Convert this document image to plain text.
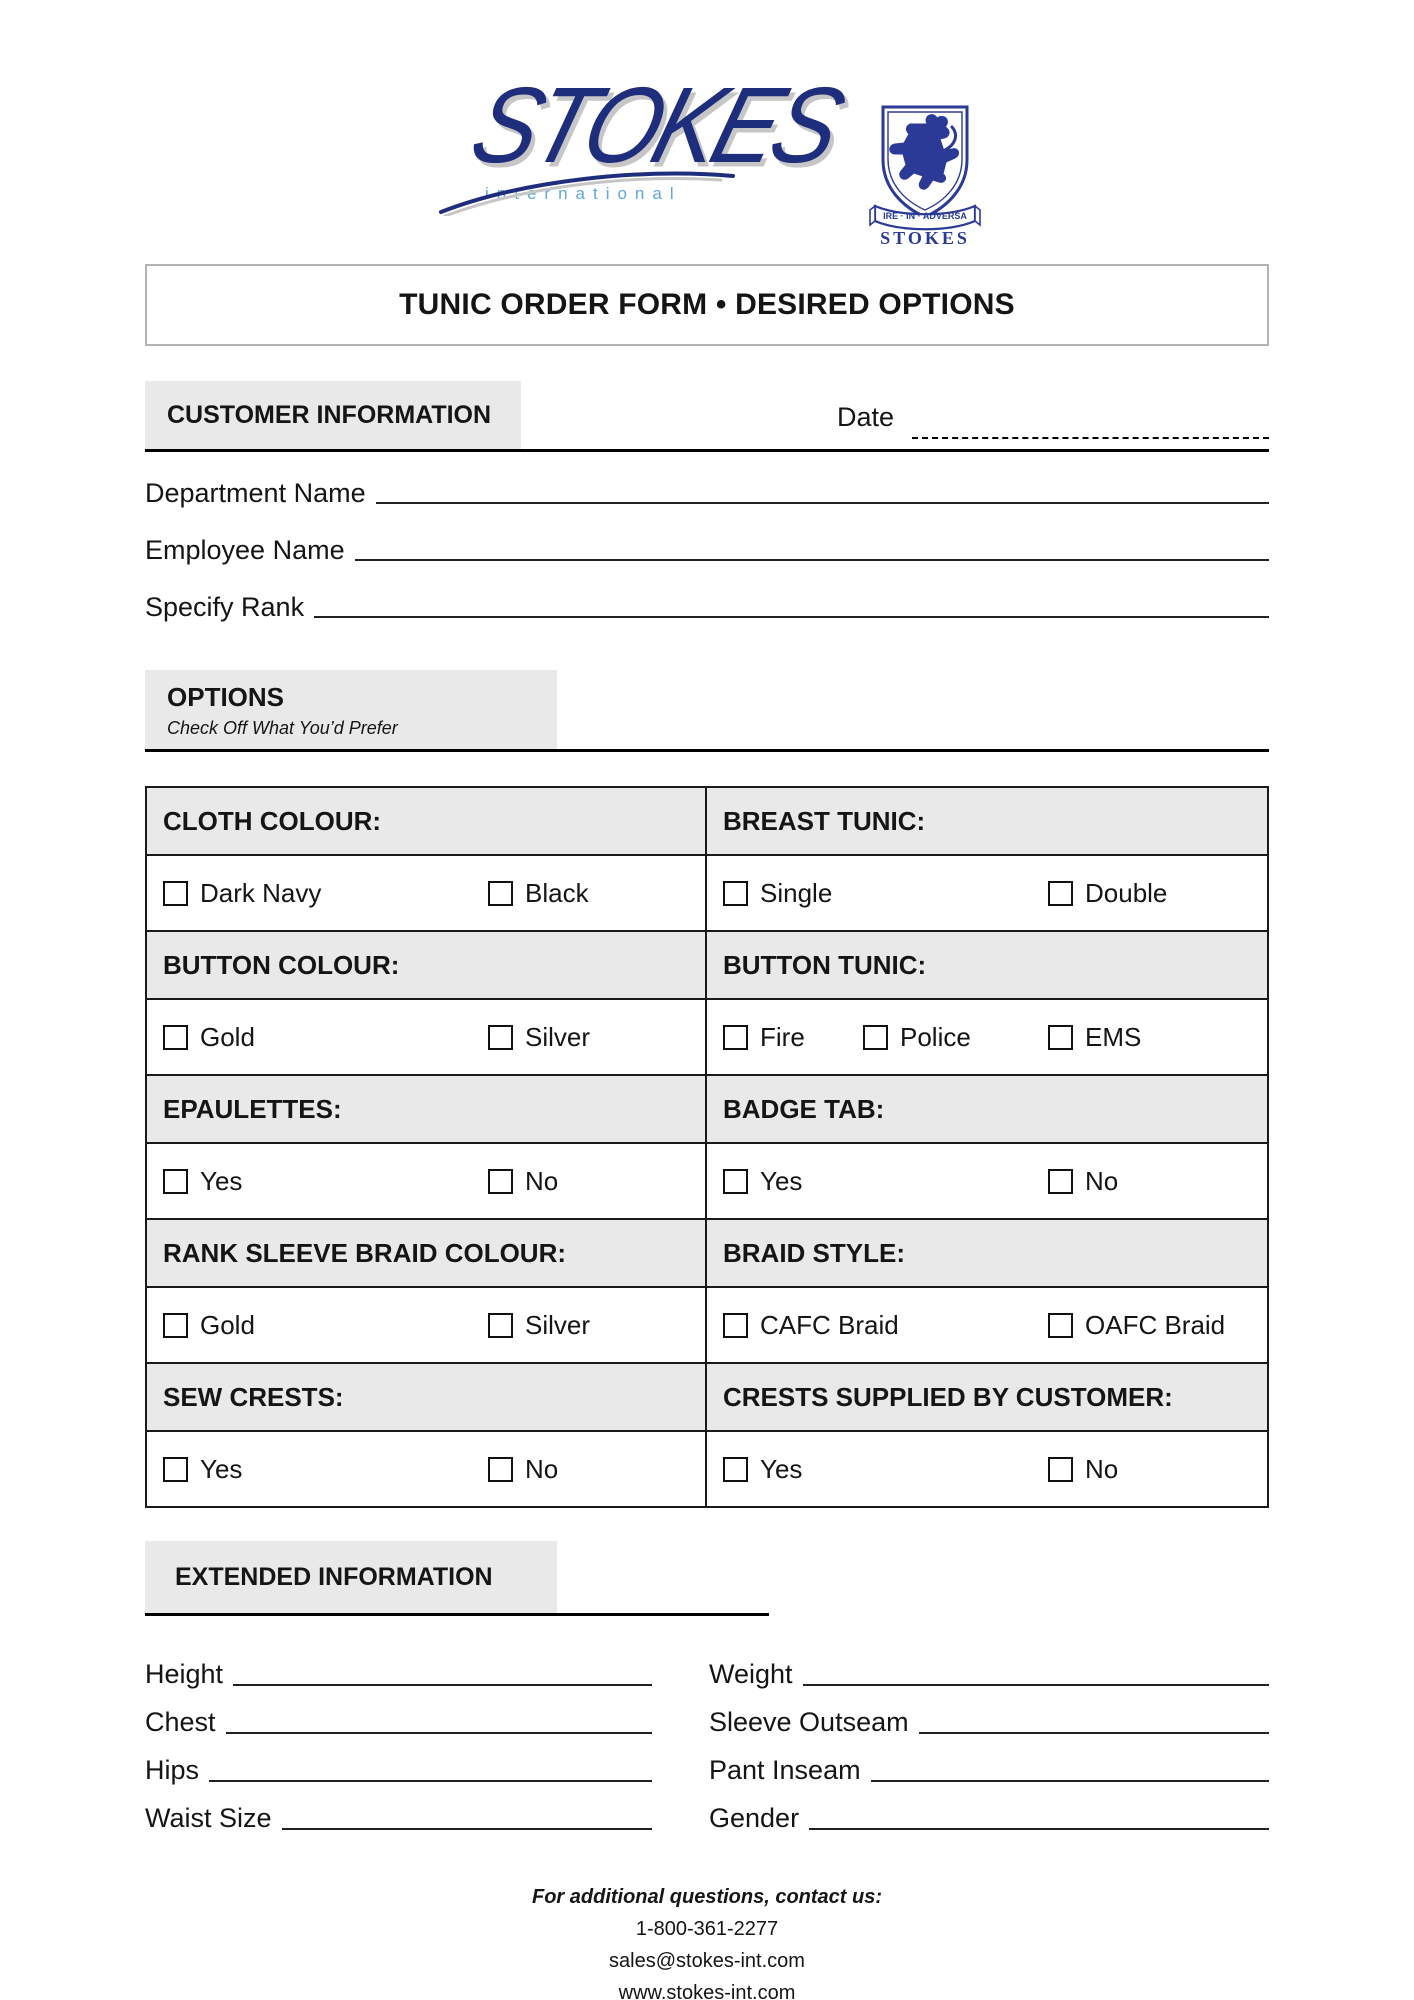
STOKES
international
IRE · IN · ADVERSA
STOKES
TUNIC ORDER FORM • DESIRED OPTIONS
CUSTOMER INFORMATION	Date
Department Name
Employee Name
Specify Rank
OPTIONS
Check Off What You’d Prefer
CLOTH COLOUR:	BREAST TUNIC:
Dark Navy	Black	Single	Double
BUTTON COLOUR:	BUTTON TUNIC:
Gold	Silver	Fire	Police	EMS
EPAULETTES:	BADGE TAB:
Yes	No	Yes	No
RANK SLEEVE BRAID COLOUR:	BRAID STYLE:
Gold	Silver	CAFC Braid	OAFC Braid
SEW CRESTS:	CRESTS SUPPLIED BY CUSTOMER:
Yes	No	Yes	No
EXTENDED INFORMATION
Height	Weight
Chest	Sleeve Outseam
Hips	Pant Inseam
Waist Size	Gender
For additional questions, contact us:
1-800-361-2277
sales@stokes-int.com
www.stokes-int.com
